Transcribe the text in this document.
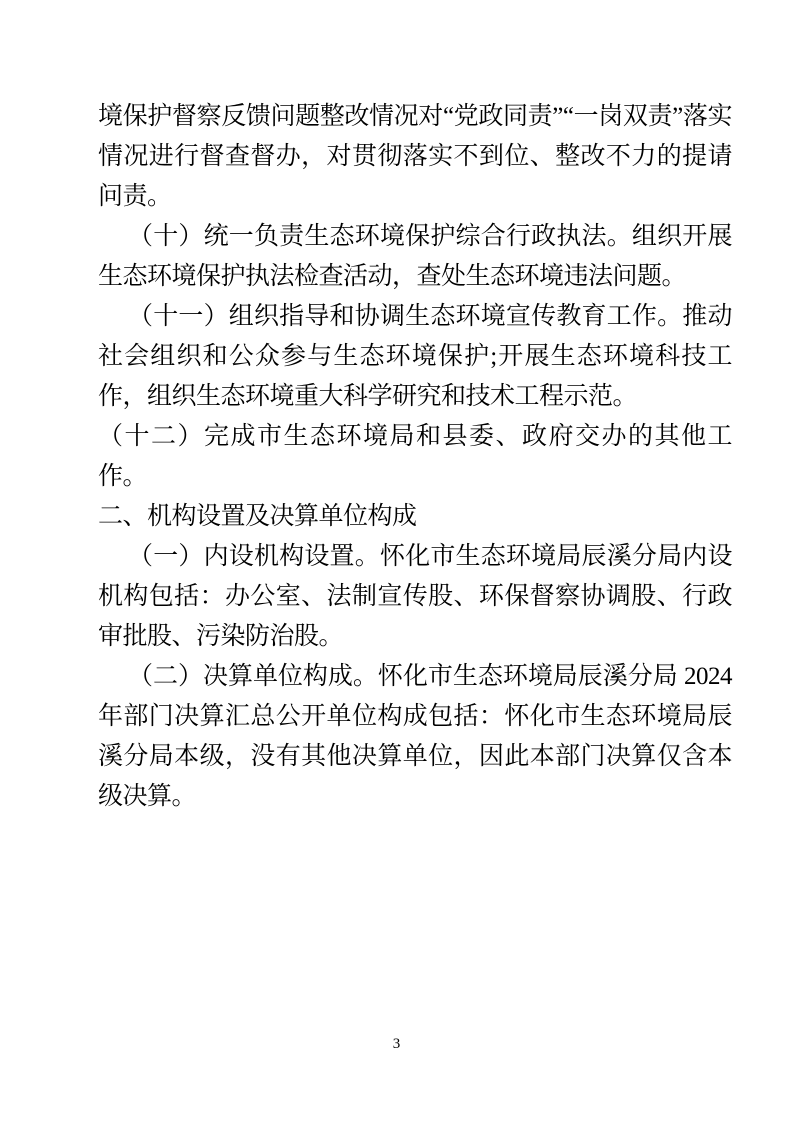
境保护督察反馈问题整改情况对“党政同责”“一岗双责”落实情况进行督查督办，对贯彻落实不到位、整改不力的提请问责。

（十）统一负责生态环境保护综合行政执法。组织开展生态环境保护执法检查活动，查处生态环境违法问题。

（十一）组织指导和协调生态环境宣传教育工作。推动社会组织和公众参与生态环境保护;开展生态环境科技工作，组织生态环境重大科学研究和技术工程示范。

（十二）完成市生态环境局和县委、政府交办的其他工作。

二、机构设置及决算单位构成

（一）内设机构设置。怀化市生态环境局辰溪分局内设机构包括：办公室、法制宣传股、环保督察协调股、行政审批股、污染防治股。

（二）决算单位构成。怀化市生态环境局辰溪分局 2024 年部门决算汇总公开单位构成包括：怀化市生态环境局辰溪分局本级，没有其他决算单位，因此本部门决算仅含本级决算。

3
